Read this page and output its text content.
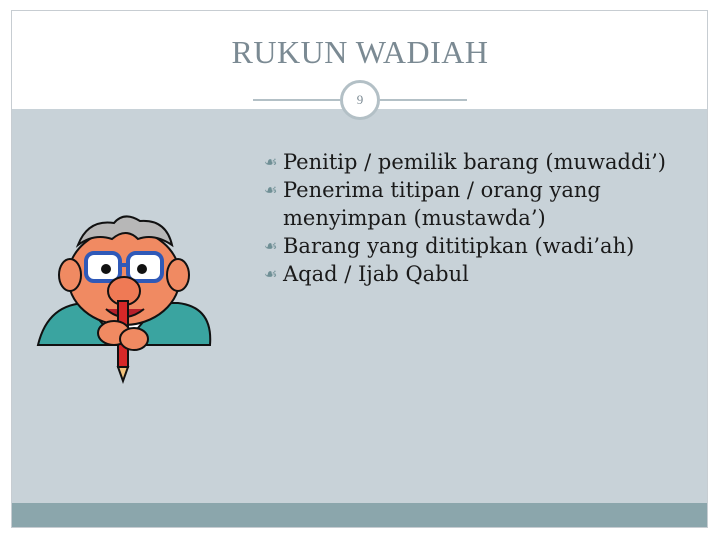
RUKUN WADIAH
9
☙ Penitip / pemilik barang (muwaddi’)
☙ Penerima titipan / orang yang menyimpan (mustawda’)
☙ Barang yang dititipkan (wadi’ah)
☙ Aqad / Ijab Qabul
